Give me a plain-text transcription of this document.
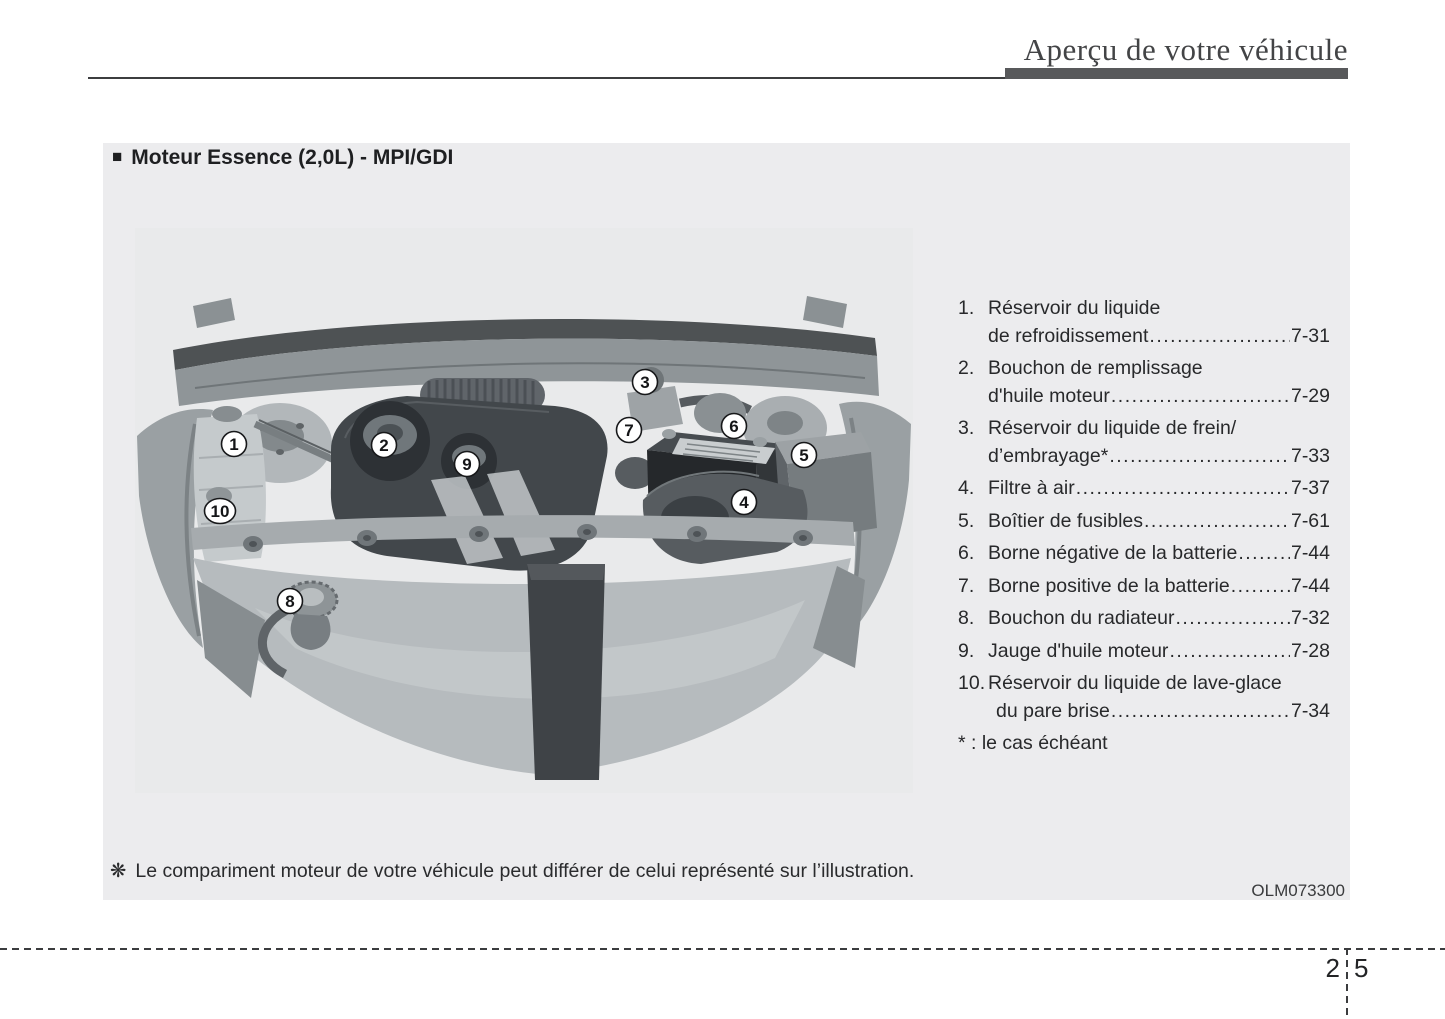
Aperçu de votre véhicule
■ Moteur Essence (2,0L) - MPI/GDI
1	2
3
4
5
6
7
8
9
10
1. Réservoir du liquide
de refroidissement .....	7-31
2. Bouchon de remplissage
d'huile moteur .....	7-29
3. Réservoir du liquide de frein/
d’embrayage* .....	7-33
4. Filtre à air .....	7-37
5. Boîtier de fusibles .....	7-61
6. Borne négative de la batterie .....	7-44
7. Borne positive de la batterie .....	7-44
8. Bouchon du radiateur .....	7-32
9. Jauge d'huile moteur .....	7-28
10. Réservoir du liquide de lave-glace
du pare brise .....	7-34
* : le cas échéant
❋ Le compariment moteur de votre véhicule peut différer de celui représenté sur l’illustration.
OLM073300
2 5
